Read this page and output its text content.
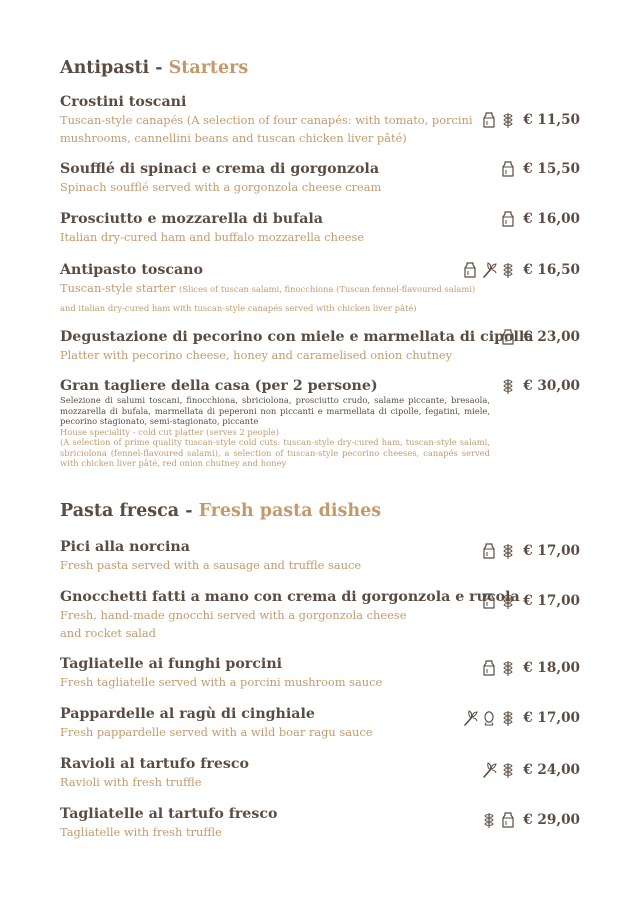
Antipasti - Starters
Crostini toscani
Tuscan-style canapés (A selection of four canapés: with tomato, porcini mushrooms, cannellini beans and tuscan chicken liver pâté)
€ 11,50
Soufflé di spinaci e crema di gorgonzola
Spinach soufflé served with a gorgonzola cheese cream
€ 15,50
Prosciutto e mozzarella di bufala
Italian dry-cured ham and buffalo mozzarella cheese
€ 16,00
Antipasto toscano
Tuscan-style starter (Slices of tuscan salami, finocchiona (Tuscan fennel-flavoured salami) and italian dry-cured ham with tuscan-style canapés served with chicken liver pâté)
€ 16,50
Degustazione di pecorino con miele e marmellata di cipolla
Platter with pecorino cheese, honey and caramelised onion chutney
€ 23,00
Gran tagliere della casa (per 2 persone)
Selezione di salumi toscani, finocchiona, sbriciolona, prosciutto crudo, salame piccante, bresaola, mozzarella di bufala, marmellata di peperoni non piccanti e marmellata di cipolle, fegatini, miele, pecorino stagionato, semi-stagionato, piccante
House speciality - cold cut platter (serves 2 people)
(A selection of prime quality tuscan-style cold cuts: tuscan-style dry-cured ham, tuscan-style salami, sbriciolona (fennel-flavoured salami), a selection of tuscan-style pecorino cheeses, canapés served with chicken liver pâté, red onion chutney and honey
€ 30,00
Pasta fresca - Fresh pasta dishes
Pici alla norcina
Fresh pasta served with a sausage and truffle sauce
€ 17,00
Gnocchetti fatti a mano con crema di gorgonzola e rucola
Fresh, hand-made gnocchi served with a gorgonzola cheese and rocket salad
€ 17,00
Tagliatelle ai funghi porcini
Fresh tagliatelle served with a porcini mushroom sauce
€ 18,00
Pappardelle al ragù di cinghiale
Fresh pappardelle served with a wild boar ragu sauce
€ 17,00
Ravioli al tartufo fresco
Ravioli with fresh truffle
€ 24,00
Tagliatelle al tartufo fresco
Tagliatelle with fresh truffle
€ 29,00
